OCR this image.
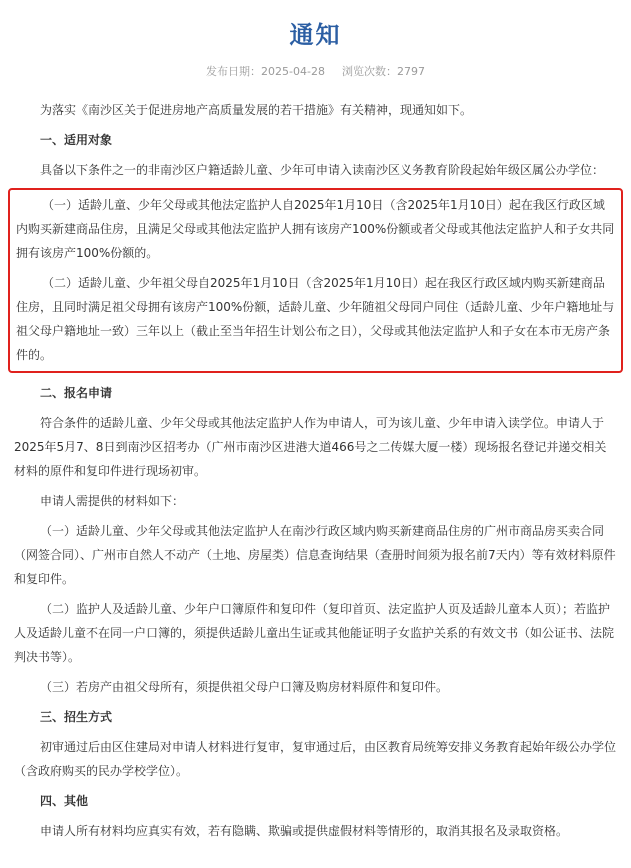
通知
发布日期：2025-04-28 浏览次数：2797

为落实《南沙区关于促进房地产高质量发展的若干措施》有关精神，现通知如下。

一、适用对象

具备以下条件之一的非南沙区户籍适龄儿童、少年可申请入读南沙区义务教育阶段起始年级区属公办学位：

（一）适龄儿童、少年父母或其他法定监护人自2025年1月10日（含2025年1月10日）起在我区行政区域内购买新建商品住房，且满足父母或其他法定监护人拥有该房产100%份额或者父母或其他法定监护人和子女共同拥有该房产100%份额的。

（二）适龄儿童、少年祖父母自2025年1月10日（含2025年1月10日）起在我区行政区域内购买新建商品住房，且同时满足祖父母拥有该房产100%份额，适龄儿童、少年随祖父母同户同住（适龄儿童、少年户籍地址与祖父母户籍地址一致）三年以上（截止至当年招生计划公布之日），父母或其他法定监护人和子女在本市无房产条件的。

二、报名申请

符合条件的适龄儿童、少年父母或其他法定监护人作为申请人，可为该儿童、少年申请入读学位。申请人于2025年5月7、8日到南沙区招考办（广州市南沙区进港大道466号之二传媒大厦一楼）现场报名登记并递交相关材料的原件和复印件进行现场初审。

申请人需提供的材料如下：

（一）适龄儿童、少年父母或其他法定监护人在南沙行政区域内购买新建商品住房的广州市商品房买卖合同（网签合同）、广州市自然人不动产（土地、房屋类）信息查询结果（查册时间须为报名前7天内）等有效材料原件和复印件。

（二）监护人及适龄儿童、少年户口簿原件和复印件（复印首页、法定监护人页及适龄儿童本人页）；若监护人及适龄儿童不在同一户口簿的，须提供适龄儿童出生证或其他能证明子女监护关系的有效文书（如公证书、法院判决书等）。

（三）若房产由祖父母所有，须提供祖父母户口簿及购房材料原件和复印件。

三、招生方式

初审通过后由区住建局对申请人材料进行复审，复审通过后，由区教育局统筹安排义务教育起始年级公办学位（含政府购买的民办学校学位）。

四、其他

申请人所有材料均应真实有效，若有隐瞒、欺骗或提供虚假材料等情形的，取消其报名及录取资格。
